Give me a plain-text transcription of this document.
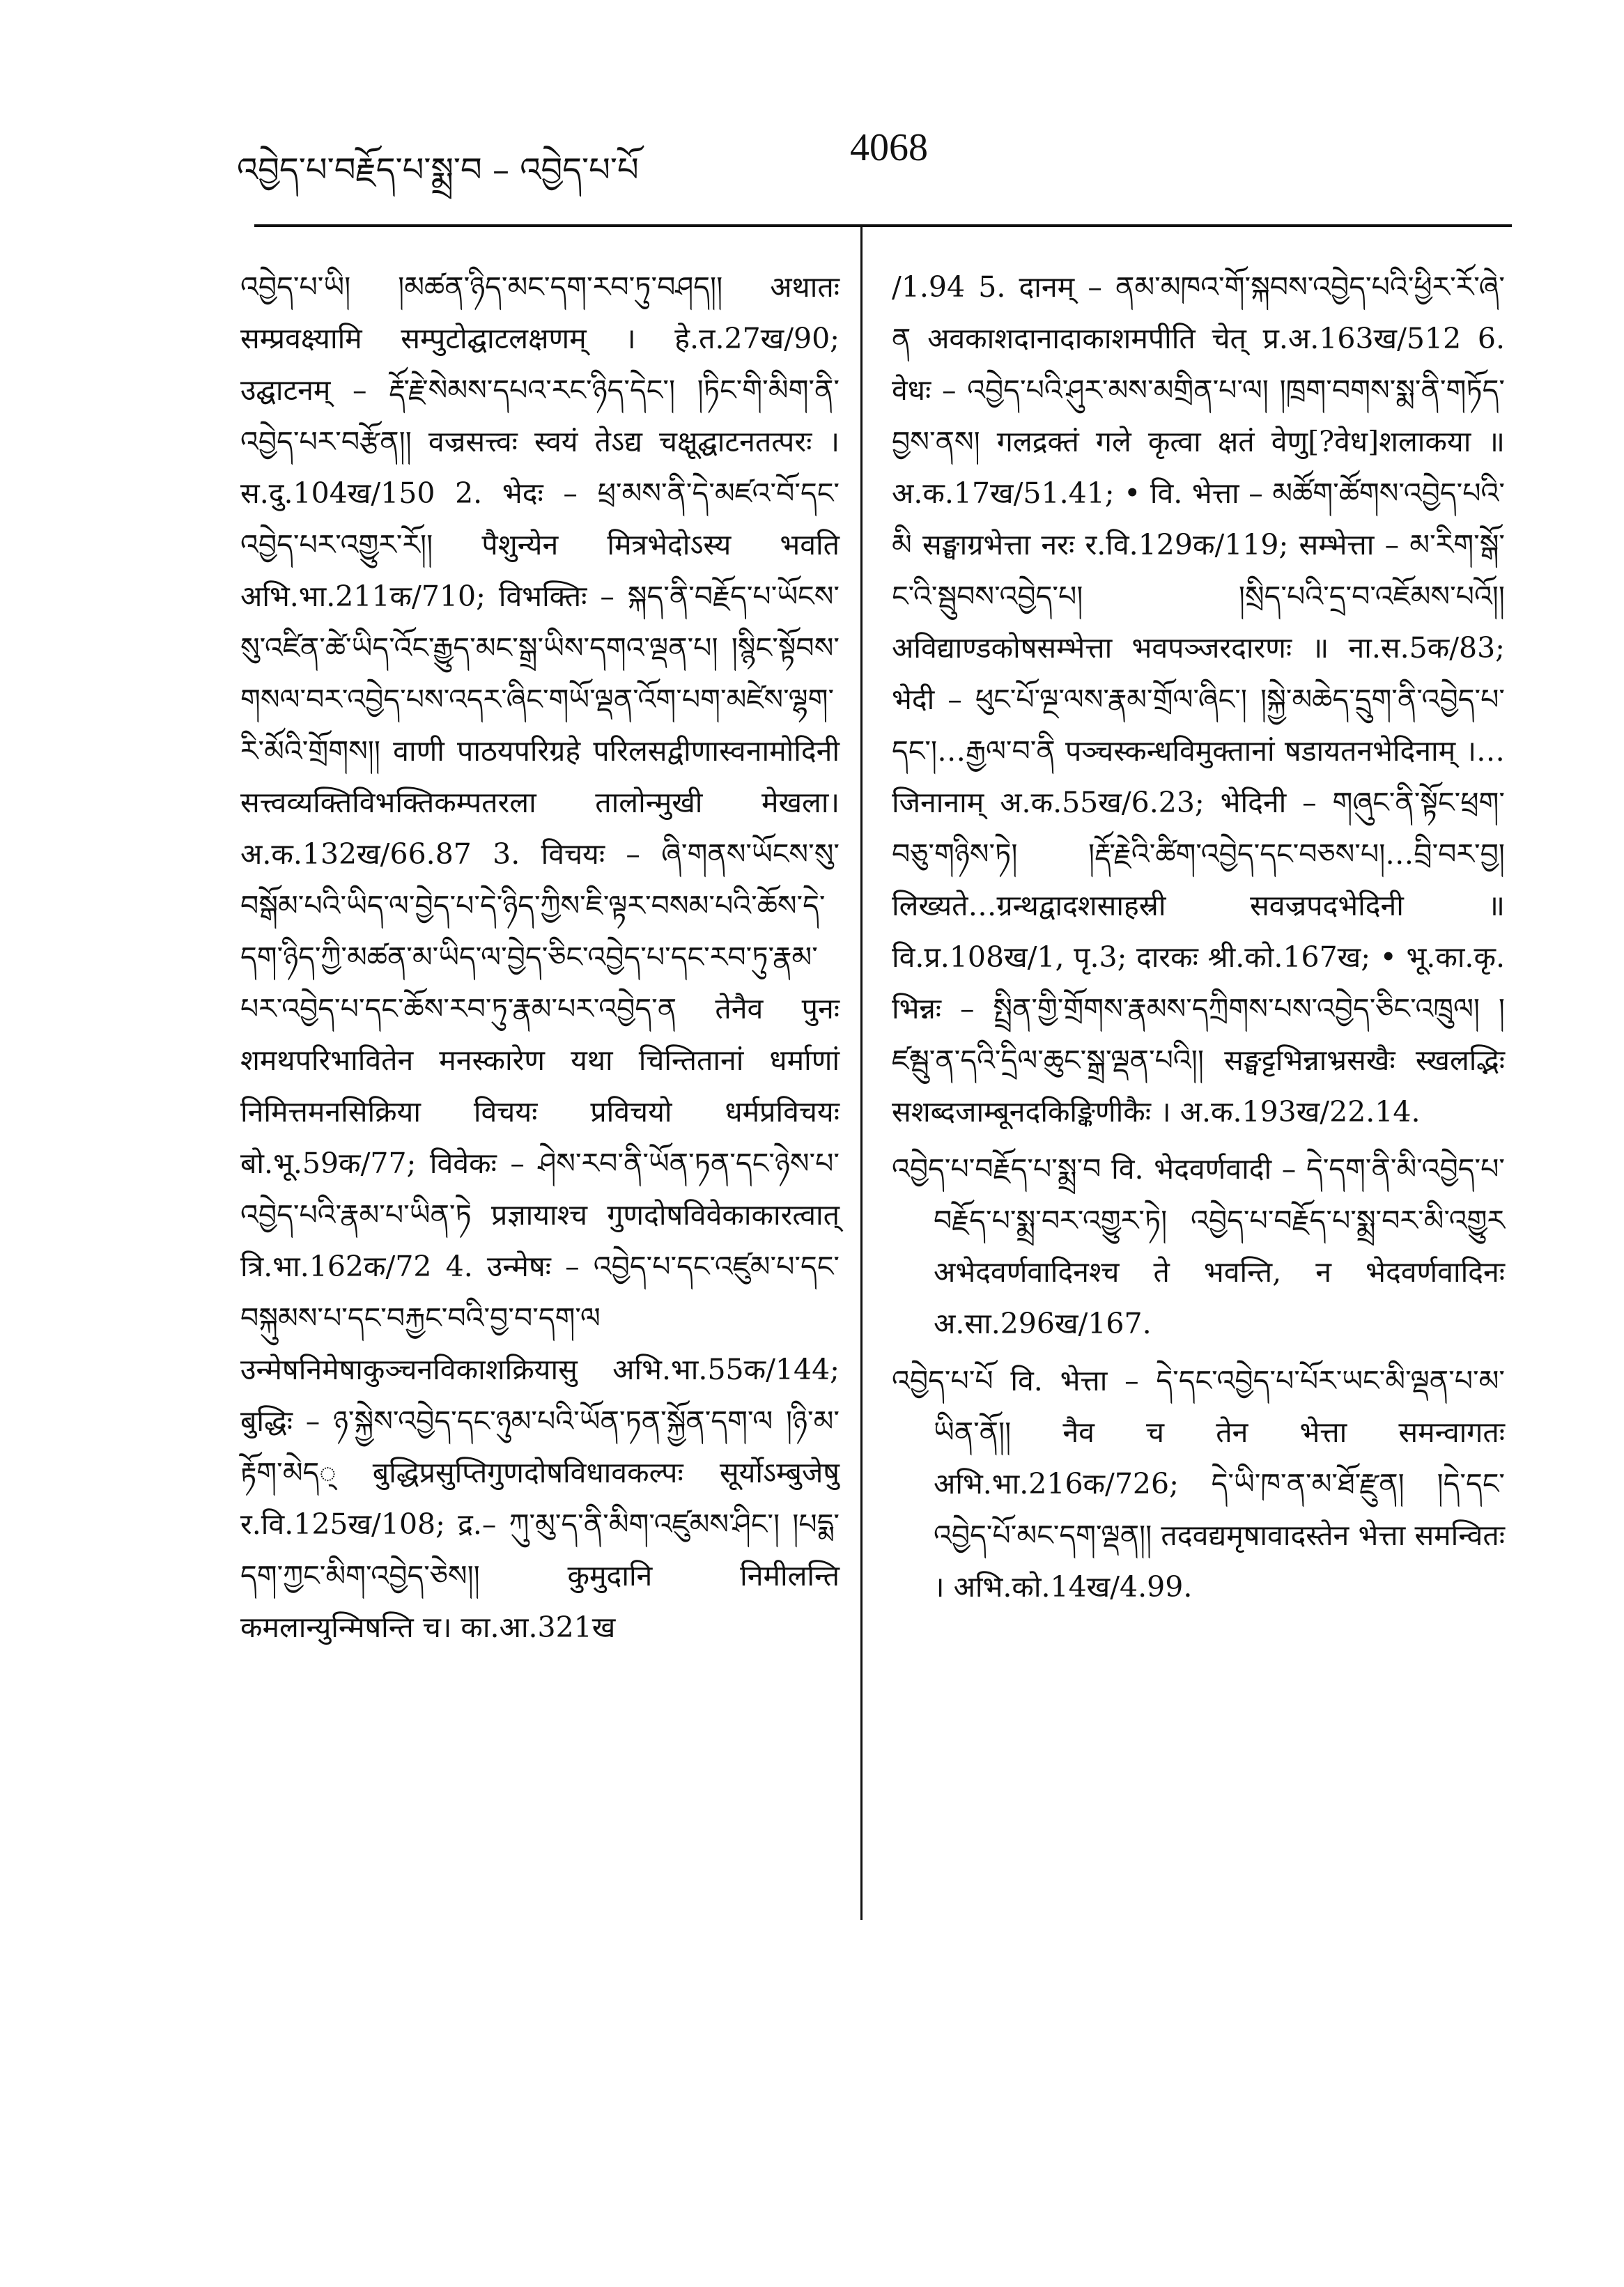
འབྱེད་པ་བརྗོད་པ་སྨྲ་བ – འབྱེད་པ་པོ
4068

འབྱེད་པ་ཡི། །མཚན་ཉིད་མང་དག་རབ་ཏུ་བཤད།། अथातः सम्प्रवक्ष्यामि सम्पुटोद्घाटलक्षणम् । हे.त.27ख/90; उद्घाटनम् – རྡོ་རྗེ་སེམས་དཔའ་རང་ཉིད་དེང་། །ཏིང་གི་མིག་ནི་འབྱེད་པར་བརྩོན།། वज्रसत्त्वः स्वयं तेऽद्य चक्षूद्घाटनतत्परः । स.दु.104ख/150 2. भेदः – ཕྲ་མས་ནི་དེ་མཛའ་བོ་དང་འབྱེད་པར་འགྱུར་རོ།། पैशुन्येन मित्रभेदोऽस्य भवति अभि.भा.211क/710; विभक्तिः – སྐད་ནི་བརྗོད་པ་ཡོངས་སུ་འཛིན་ཚེ་ཡིད་འོང་རྒྱུད་མང་སྒྲ་ཡིས་དགའ་ལྡན་པ། །སྙིང་སྟོབས་གསལ་བར་འབྱེད་པས་འདར་ཞིང་གཡོ་ལྡན་འོག་པག་མཛེས་ལྷག་རི་མོའི་གྲོགས།། वाणी पाठयपरिग्रहे परिलसद्वीणास्वनामोदिनी सत्त्वव्यक्तिविभक्तिकम्पतरला तालोन्मुखी मेखला। अ.क.132ख/66.87 3. विचयः – ཞི་གནས་ཡོངས་སུ་བསྒོམ་པའི་ཡིད་ལ་བྱེད་པ་དེ་ཉིད་ཀྱིས་ཇི་ལྟར་བསམ་པའི་ཆོས་དེ་དག་ཉིད་ཀྱི་མཚན་མ་ཡིད་ལ་བྱེད་ཅིང་འབྱེད་པ་དང་རབ་ཏུ་རྣམ་པར་འབྱེད་པ་དང་ཆོས་རབ་ཏུ་རྣམ་པར་འབྱེད་ན तेनैव पुनः शमथपरिभावितेन मनस्कारेण यथा चिन्तितानां धर्माणां निमित्तमनसिक्रिया विचयः प्रविचयो धर्मप्रविचयः बो.भू.59क/77; विवेकः – ཤེས་རབ་ནི་ཡོན་ཏན་དང་ཉེས་པ་འབྱེད་པའི་རྣམ་པ་ཡིན་ཏེ प्रज्ञायाश्च गुणदोषविवेकाकारत्वात् त्रि.भा.162क/72 4. उन्मेषः – འབྱེད་པ་དང་འཛུམ་པ་དང་བསྐུམས་པ་དང་བརྐྱང་བའི་བྱ་བ་དག་ལ उन्मेषनिमेषाकुञ्चनविकाशक्रियासु अभि.भा.55क/144; बुद्धिः – ཉ་སྐྱེས་འབྱེད་དང་ཉུམ་པའི་ཡོན་ཏན་སྐྱོན་དག་ལ །ཉི་མ་རྟོག་མེད् बुद्धिप्रसुप्तिगुणदोषविधावकल्पः सूर्योऽम्बुजेषु र.वि.125ख/108; द्र.– ཀུ་མུ་ད་ནི་མིག་འཛུམས་ཤིང་། །པདྨ་དག་ཀྱང་མིག་འབྱེད་ཅེས།། कुमुदानि निमीलन्ति कमलान्युन्मिषन्ति च। का.आ.321ख

/1.94 5. दानम् – ནམ་མཁའ་གོ་སྐབས་འབྱེད་པའི་ཕྱིར་རོ་ཞེ་ན अवकाशदानादाकाशमपीति चेत् प्र.अ.163ख/512 6. वेधः – འབྱེད་པའི་ཤུར་མས་མགྲིན་པ་ལ། །ཁྲག་བགས་སྨ་ནི་གཏོད་བྱས་ནས། गलद्रक्तं गले कृत्वा क्षतं वेणु[?वेध]शलाकया ॥ अ.क.17ख/51.41; • वि. भेत्ता – མཚོག་ཚོགས་འབྱེད་པའི་མི सङ्घाग्रभेत्ता नरः र.वि.129क/119; सम्भेत्ता – མ་རིག་སྒོ་ང་འི་སྦུབས་འབྱེད་པ། །སྲིད་པའི་དྲ་བ་འཇོམས་པའོ།། अविद्याण्डकोषसम्भेत्ता भवपञ्जरदारणः ॥ ना.स.5क/83; भेदी – ཕུང་པོ་ལྔ་ལས་རྣམ་གྲོལ་ཞིང་། །སྐྱེ་མཆེད་དྲུག་ནི་འབྱེད་པ་དང་།…རྒྱལ་བ་ནི पञ्चस्कन्धविमुक्तानां षडायतनभेदिनाम् ।…जिनानाम् अ.क.55ख/6.23; भेदिनी – གཞུང་ནི་སྟོང་ཕྲག་བཅུ་གཉིས་ཏེ། །རྡོ་རྗེའི་ཚིག་འབྱེད་དང་བཅས་པ།…བྲི་བར་བྱ། लिख्यते…ग्रन्थद्वादशसाहस्री सवज्रपदभेदिनी ॥ वि.प्र.108ख/1, पृ.3; दारकः श्री.को.167ख; • भू.का.कृ. भिन्नः – སྤྲིན་གྱི་གྲོགས་རྣམས་དཀྲིགས་པས་འབྱེད་ཅིང་འཁྲུལ། །ཛམྦུ་ན་དའི་དྲིལ་ཆུང་སྒྲ་ལྡན་པའི།། सङ्घट्टभिन्नाभ्रसखैः स्खलद्भिः सशब्दजाम्बूनदकिङ्किणीकैः । अ.क.193ख/22.14.

འབྱེད་པ་བརྗོད་པ་སྨྲ་བ वि. भेदवर्णवादी – དེ་དག་ནི་མི་འབྱེད་པ་བརྗོད་པ་སྨྲ་བར་འགྱུར་ཏེ། འབྱེད་པ་བརྗོད་པ་སྨྲ་བར་མི་འགྱུར अभेदवर्णवादिनश्च ते भवन्ति, न भेदवर्णवादिनः अ.सा.296ख/167.

འབྱེད་པ་པོ वि. भेत्ता – དེ་དང་འབྱེད་པ་པོར་ཡང་མི་ལྡན་པ་མ་ཡིན་ནོ།། नैव च तेन भेत्ता समन्वागतः अभि.भा.216क/726; དེ་ཡི་ཁ་ན་མ་ཐོ་རྫུན། །དེ་དང་འབྱེད་པོ་མང་དག་ལྡན།། तदवद्यमृषावादस्तेन भेत्ता समन्वितः । अभि.को.14ख/4.99.
